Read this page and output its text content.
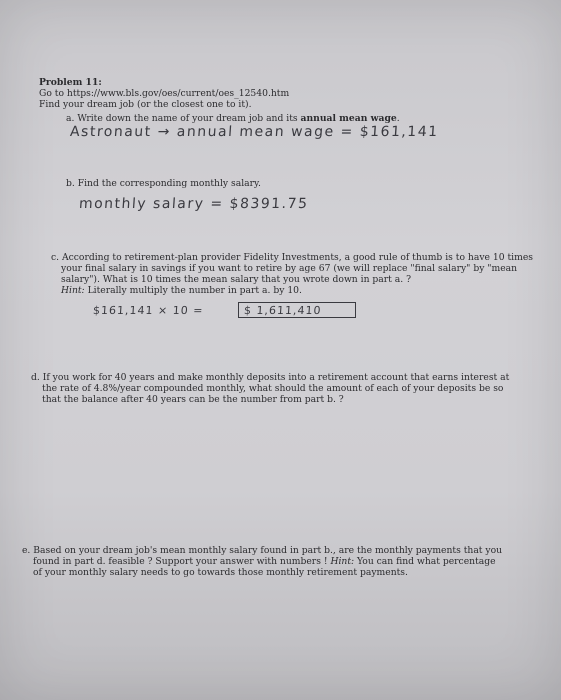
Problem 11:
Go to https://www.bls.gov/oes/current/oes_12540.htm
Find your dream job (or the closest one to it).
a. Write down the name of your dream job and its annual mean wage.
Astronaut → annual mean wage = $161,141
b. Find the corresponding monthly salary.
monthly salary = $8391.75
c. According to retirement-plan provider Fidelity Investments, a good rule of thumb is to have 10 times
your final salary in savings if you want to retire by age 67 (we will replace "final salary" by "mean
salary"). What is 10 times the mean salary that you wrote down in part a. ?
Hint: Literally multiply the number in part a. by 10.
$161,141 × 10 =	$ 1,611,410
d. If you work for 40 years and make monthly deposits into a retirement account that earns interest at
the rate of 4.8%/year compounded monthly, what should the amount of each of your deposits be so
that the balance after 40 years can be the number from part b. ?
e. Based on your dream job's mean monthly salary found in part b., are the monthly payments that you
found in part d. feasible ? Support your answer with numbers ! Hint: You can find what percentage
of your monthly salary needs to go towards those monthly retirement payments.
